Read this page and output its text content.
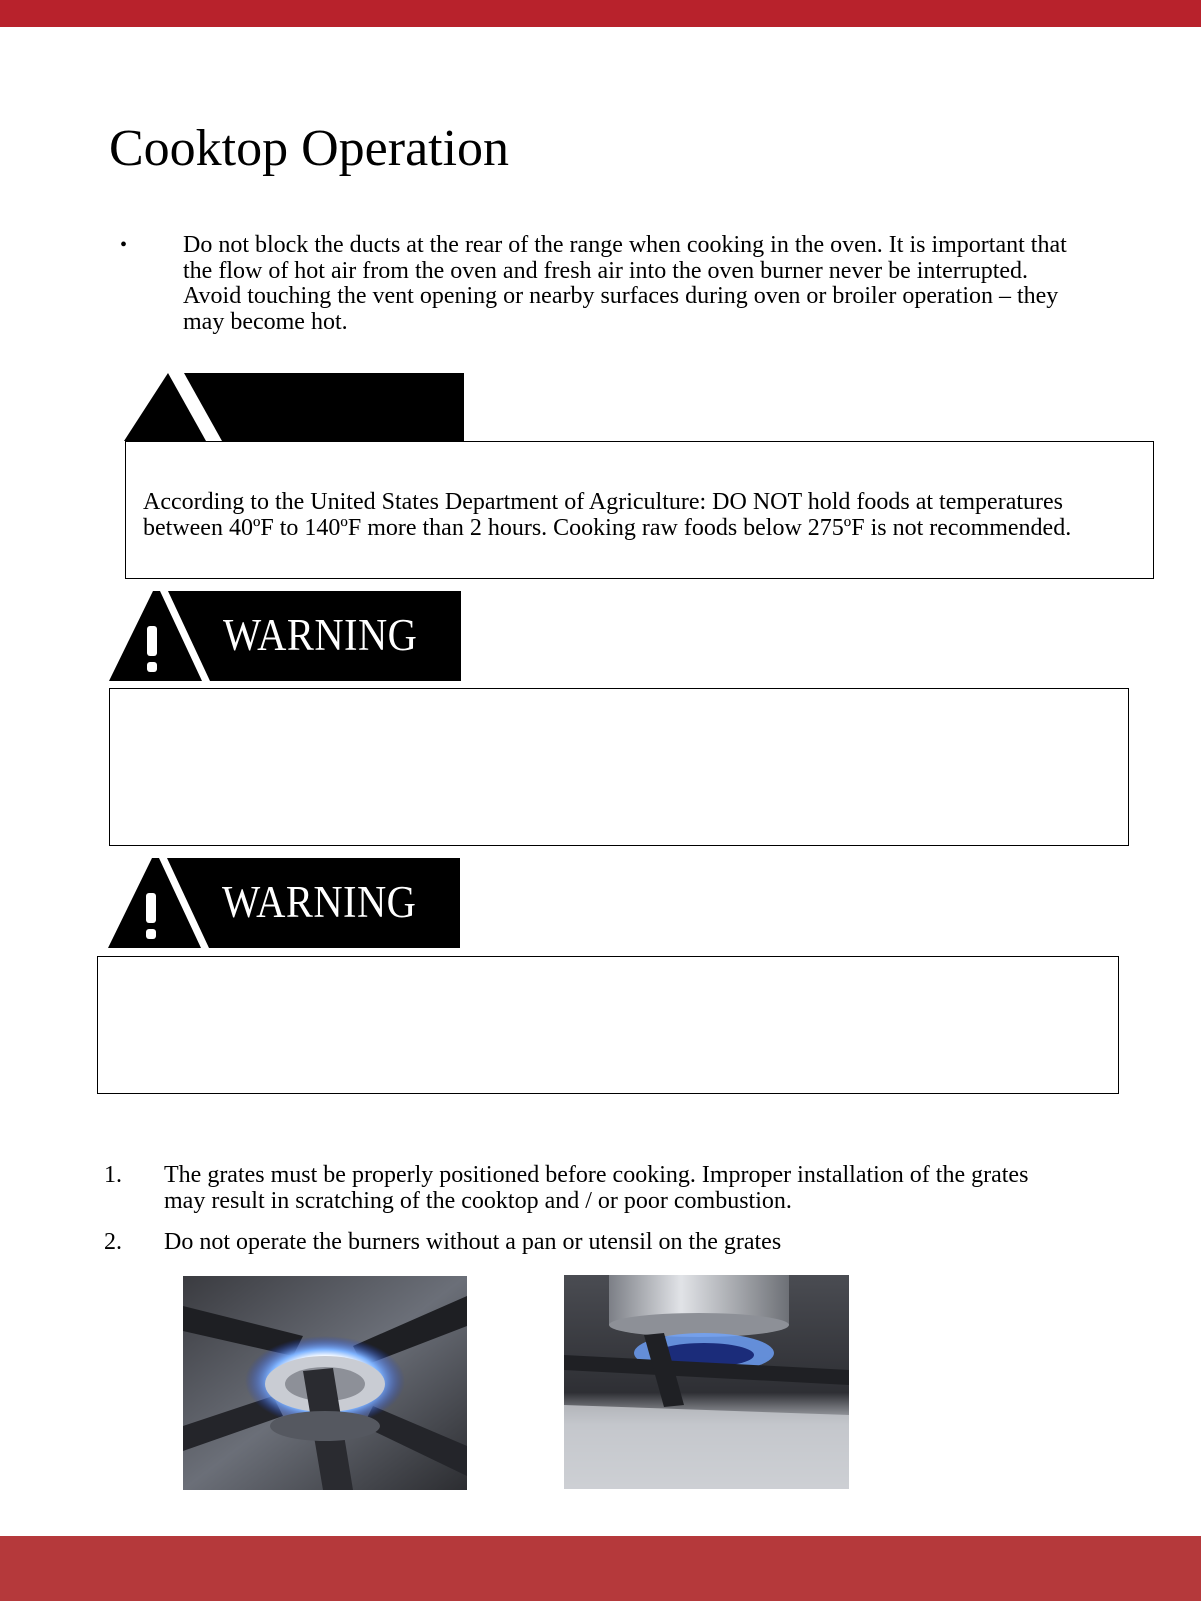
Cooktop Operation
• Do not block the ducts at the rear of the range when cooking in the oven. It is important that the flow of hot air from the oven and fresh air into the oven burner never be interrupted. Avoid touching the vent opening or nearby surfaces during oven or broiler operation – they may become hot.
According to the United States Department of Agriculture: DO NOT hold foods at temperatures between 40ºF to 140ºF more than 2 hours. Cooking raw foods below 275ºF is not recommended.
WARNING
WARNING
1. The grates must be properly positioned before cooking. Improper installation of the grates may result in scratching of the cooktop and / or poor combustion.
2. Do not operate the burners without a pan or utensil on the grates
